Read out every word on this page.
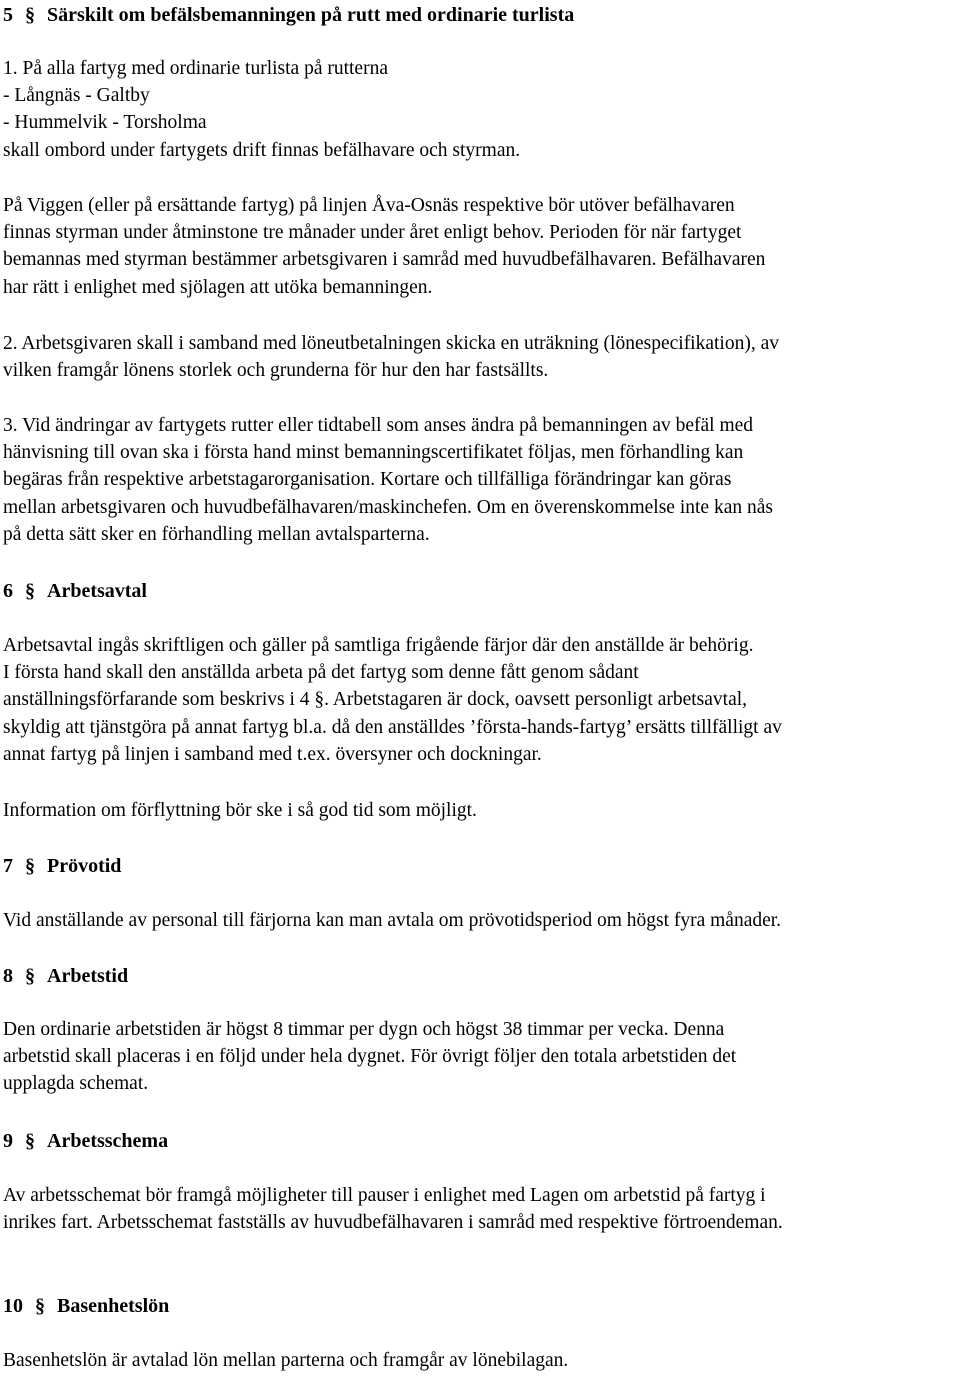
5 § Särskilt om befälsbemanningen på rutt med ordinarie turlista
1. På alla fartyg med ordinarie turlista på rutterna
- Långnäs - Galtby
- Hummelvik - Torsholma
skall ombord under fartygets drift finnas befälhavare och styrman.
På Viggen (eller på ersättande fartyg) på linjen Åva-Osnäs respektive bör utöver befälhavaren
finnas styrman under åtminstone tre månader under året enligt behov. Perioden för när fartyget
bemannas med styrman bestämmer arbetsgivaren i samråd med huvudbefälhavaren. Befälhavaren
har rätt i enlighet med sjölagen att utöka bemanningen.
2. Arbetsgivaren skall i samband med löneutbetalningen skicka en uträkning (lönespecifikation), av
vilken framgår lönens storlek och grunderna för hur den har fastsällts.
3. Vid ändringar av fartygets rutter eller tidtabell som anses ändra på bemanningen av befäl med
hänvisning till ovan ska i första hand minst bemanningscertifikatet följas, men förhandling kan
begäras från respektive arbetstagarorganisation. Kortare och tillfälliga förändringar kan göras
mellan arbetsgivaren och huvudbefälhavaren/maskinchefen. Om en överenskommelse inte kan nås
på detta sätt sker en förhandling mellan avtalsparterna.
6 § Arbetsavtal
Arbetsavtal ingås skriftligen och gäller på samtliga frigående färjor där den anställde är behörig.
I första hand skall den anställda arbeta på det fartyg som denne fått genom sådant
anställningsförfarande som beskrivs i 4 §. Arbetstagaren är dock, oavsett personligt arbetsavtal,
skyldig att tjänstgöra på annat fartyg bl.a. då den anställdes ’första-hands-fartyg’ ersätts tillfälligt av
annat fartyg på linjen i samband med t.ex. översyner och dockningar.
Information om förflyttning bör ske i så god tid som möjligt.
7 § Prövotid
Vid anställande av personal till färjorna kan man avtala om prövotidsperiod om högst fyra månader.
8 § Arbetstid
Den ordinarie arbetstiden är högst 8 timmar per dygn och högst 38 timmar per vecka. Denna
arbetstid skall placeras i en följd under hela dygnet. För övrigt följer den totala arbetstiden det
upplagda schemat.
9 § Arbetsschema
Av arbetsschemat bör framgå möjligheter till pauser i enlighet med Lagen om arbetstid på fartyg i
inrikes fart. Arbetsschemat fastställs av huvudbefälhavaren i samråd med respektive förtroendeman.
10 § Basenhetslön
Basenhetslön är avtalad lön mellan parterna och framgår av lönebilagan.
